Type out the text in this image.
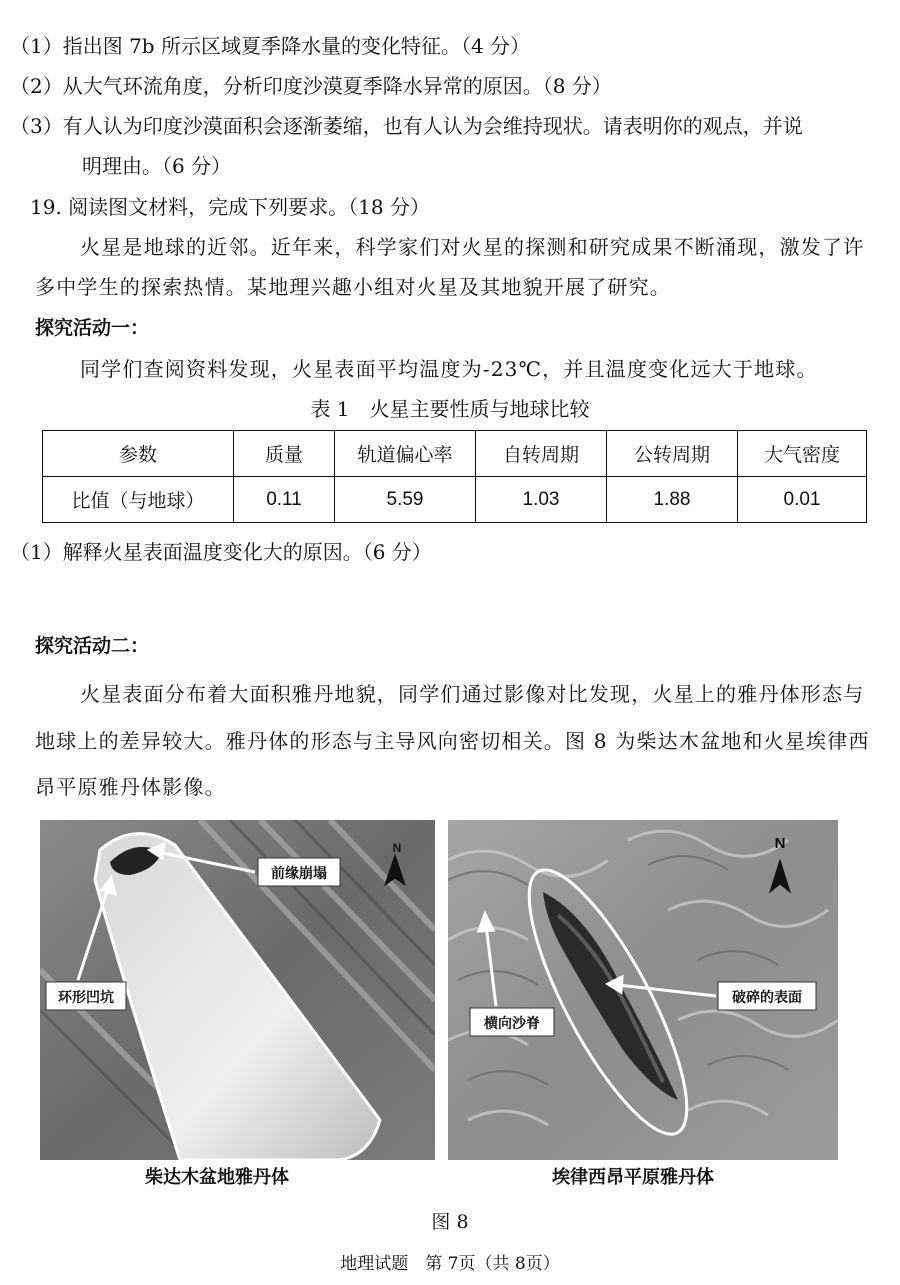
（1）指出图 7b 所示区域夏季降水量的变化特征。（4 分）
（2）从大气环流角度，分析印度沙漠夏季降水异常的原因。（8 分）
（3）有人认为印度沙漠面积会逐渐萎缩，也有人认为会维持现状。请表明你的观点，并说
明理由。（6 分）
19. 阅读图文材料，完成下列要求。（18 分）
火星是地球的近邻。近年来，科学家们对火星的探测和研究成果不断涌现，激发了许
多中学生的探索热情。某地理兴趣小组对火星及其地貌开展了研究。
探究活动一：
同学们查阅资料发现，火星表面平均温度为-23℃，并且温度变化远大于地球。
表 1　火星主要性质与地球比较
参数	质量	轨道偏心率	自转周期	公转周期	大气密度
比值（与地球）	0.11	5.59	1.03	1.88	0.01
（1）解释火星表面温度变化大的原因。（6 分）
探究活动二：
火星表面分布着大面积雅丹地貌，同学们通过影像对比发现，火星上的雅丹体形态与
地球上的差异较大。雅丹体的形态与主导风向密切相关。图 8 为柴达木盆地和火星埃律西
昂平原雅丹体影像。
N
前缘崩塌
环形凹坑
N
破碎的表面
横向沙脊
柴达木盆地雅丹体	埃律西昂平原雅丹体
图 8
地理试题　第 7页（共 8页）
